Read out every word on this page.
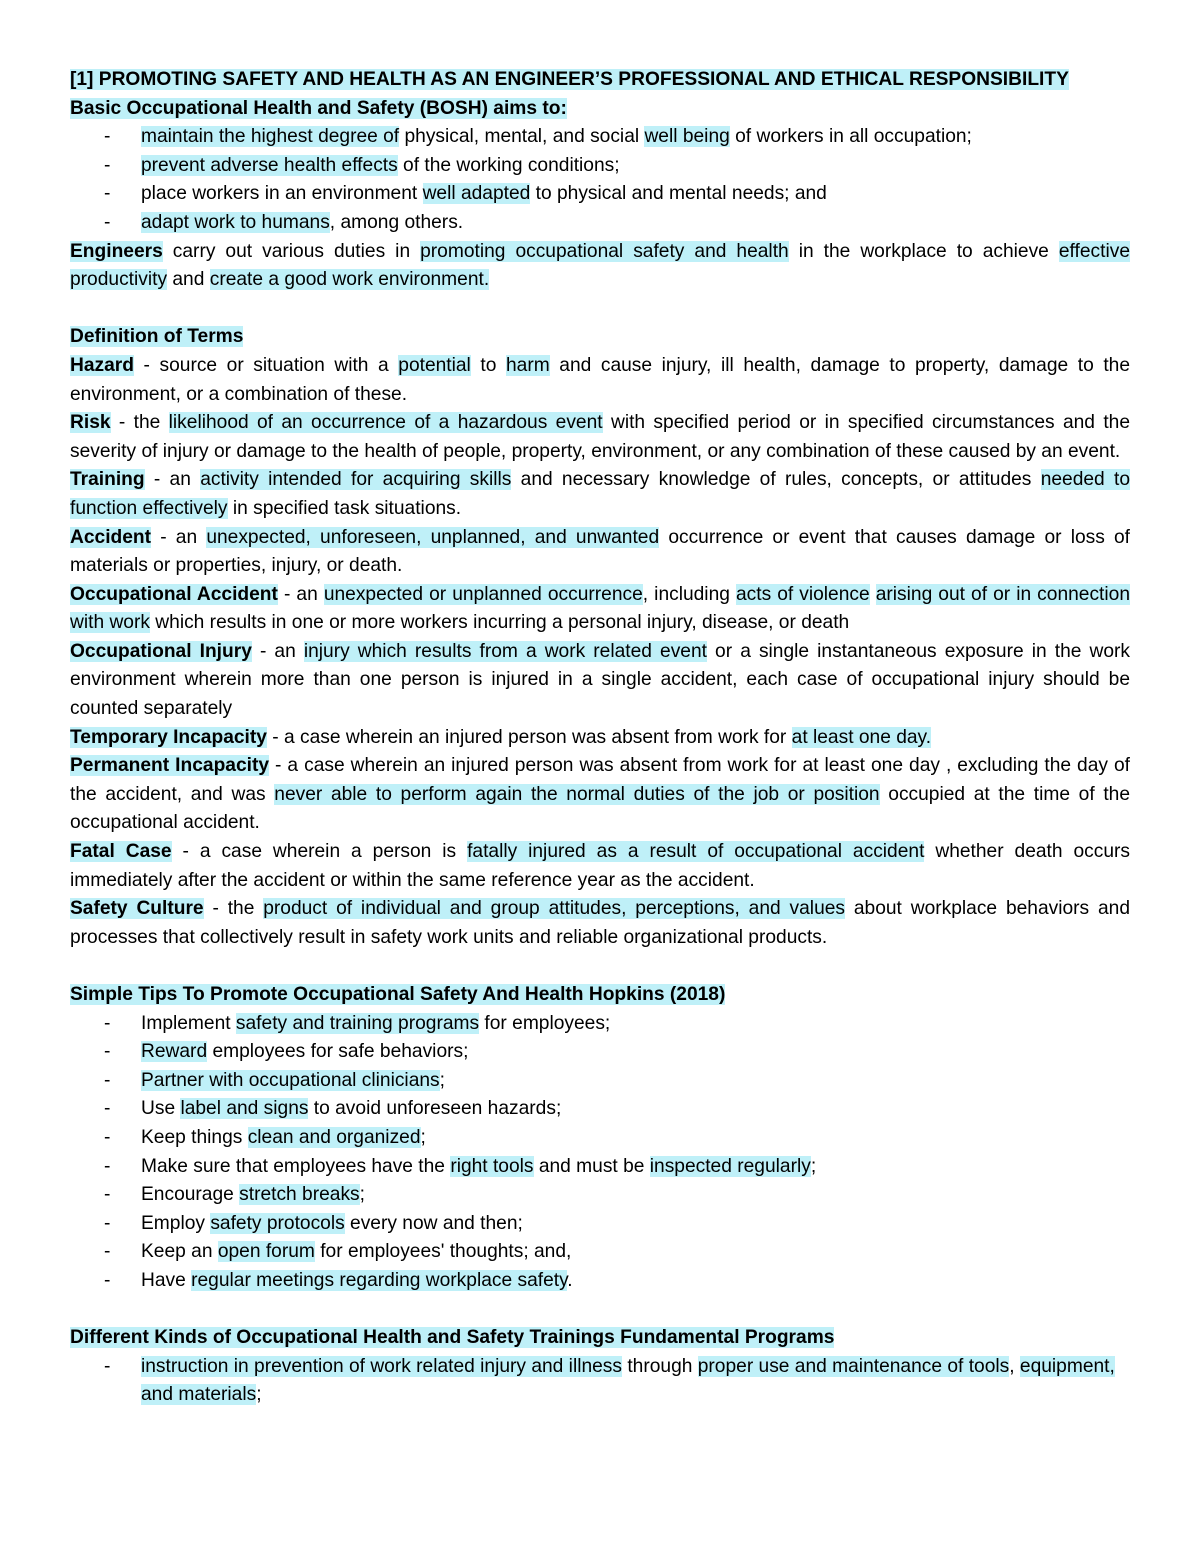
[1] PROMOTING SAFETY AND HEALTH AS AN ENGINEER’S PROFESSIONAL AND ETHICAL RESPONSIBILITY

Basic Occupational Health and Safety (BOSH) aims to:

- maintain the highest degree of physical, mental, and social well being of workers in all occupation;
- prevent adverse health effects of the working conditions;
- place workers in an environment well adapted to physical and mental needs; and
- adapt work to humans, among others.

Engineers carry out various duties in promoting occupational safety and health in the workplace to achieve effective productivity and create a good work environment.

Definition of Terms

Hazard - source or situation with a potential to harm and cause injury, ill health, damage to property, damage to the environment, or a combination of these.

Risk - the likelihood of an occurrence of a hazardous event with specified period or in specified circumstances and the severity of injury or damage to the health of people, property, environment, or any combination of these caused by an event.

Training - an activity intended for acquiring skills and necessary knowledge of rules, concepts, or attitudes needed to function effectively in specified task situations.

Accident - an unexpected, unforeseen, unplanned, and unwanted occurrence or event that causes damage or loss of materials or properties, injury, or death.

Occupational Accident - an unexpected or unplanned occurrence, including acts of violence arising out of or in connection with work which results in one or more workers incurring a personal injury, disease, or death

Occupational Injury - an injury which results from a work related event or a single instantaneous exposure in the work environment wherein more than one person is injured in a single accident, each case of occupational injury should be counted separately

Temporary Incapacity - a case wherein an injured person was absent from work for at least one day.

Permanent Incapacity - a case wherein an injured person was absent from work for at least one day , excluding the day of the accident, and was never able to perform again the normal duties of the job or position occupied at the time of the occupational accident.

Fatal Case - a case wherein a person is fatally injured as a result of occupational accident whether death occurs immediately after the accident or within the same reference year as the accident.

Safety Culture - the product of individual and group attitudes, perceptions, and values about workplace behaviors and processes that collectively result in safety work units and reliable organizational products.

Simple Tips To Promote Occupational Safety And Health Hopkins (2018)

- Implement safety and training programs for employees;
- Reward employees for safe behaviors;
- Partner with occupational clinicians;
- Use label and signs to avoid unforeseen hazards;
- Keep things clean and organized;
- Make sure that employees have the right tools and must be inspected regularly;
- Encourage stretch breaks;
- Employ safety protocols every now and then;
- Keep an open forum for employees' thoughts; and,
- Have regular meetings regarding workplace safety.

Different Kinds of Occupational Health and Safety Trainings Fundamental Programs

- instruction in prevention of work related injury and illness through proper use and maintenance of tools, equipment, and materials;
